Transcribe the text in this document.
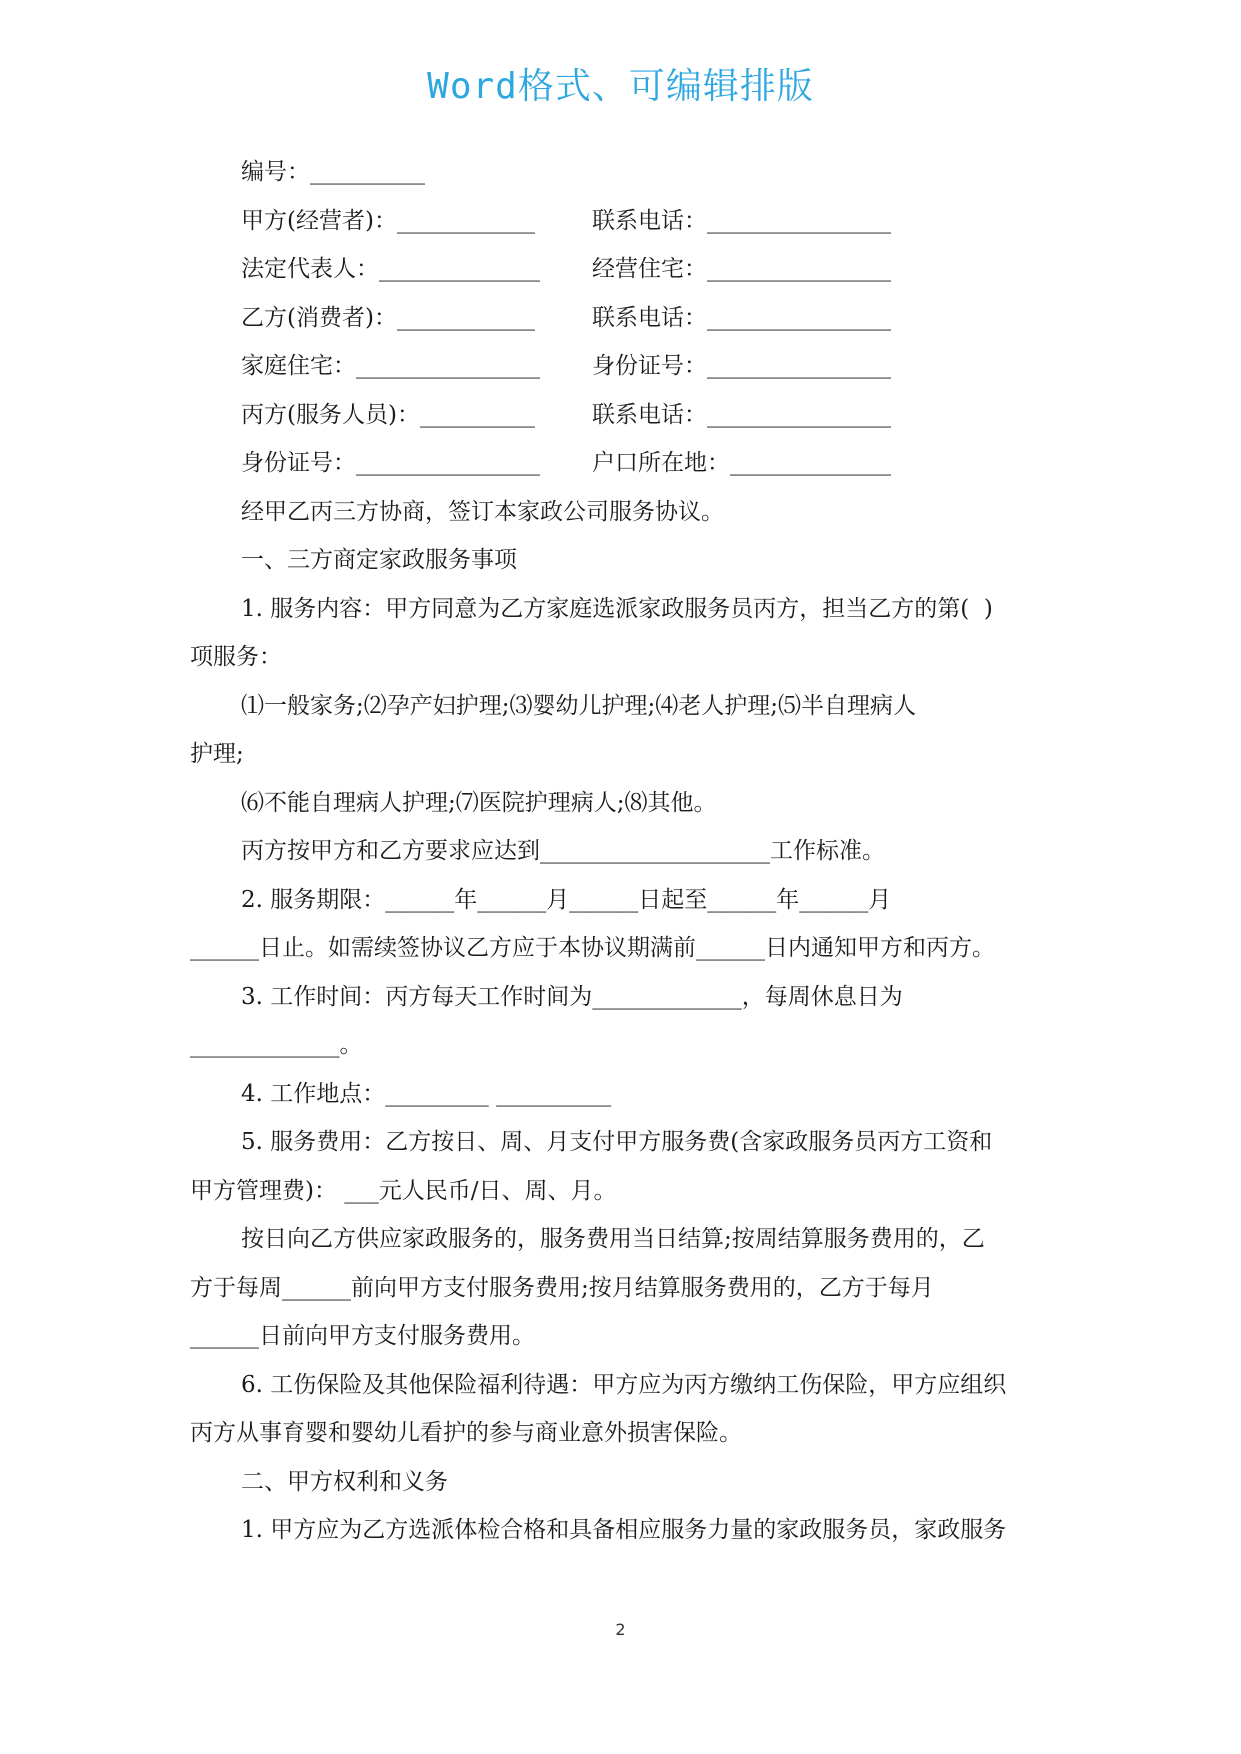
Word格式、可编辑排版
编号：__________
甲方(经营者)：____________	联系电话：________________
法定代表人：______________	经营住宅：________________
乙方(消费者)：____________	联系电话：________________
家庭住宅：________________	身份证号：________________
丙方(服务人员)：__________	联系电话：________________
身份证号：________________	户口所在地：______________
经甲乙丙三方协商，签订本家政公司服务协议。
一、三方商定家政服务事项
1. 服务内容：甲方同意为乙方家庭选派家政服务员丙方，担当乙方的第(  )
项服务：
⑴一般家务;⑵孕产妇护理;⑶婴幼儿护理;⑷老人护理;⑸半自理病人
护理;
⑹不能自理病人护理;⑺医院护理病人;⑻其他。
丙方按甲方和乙方要求应达到____________________工作标准。
2. 服务期限：______年______月______日起至______年______月
______日止。如需续签协议乙方应于本协议期满前______日内通知甲方和丙方。
3. 工作时间：丙方每天工作时间为_____________，每周休息日为
_____________。
4. 工作地点：_________ __________
5. 服务费用：乙方按日、周、月支付甲方服务费(含家政服务员丙方工资和
甲方管理费)： ___元人民币/日、周、月。
按日向乙方供应家政服务的，服务费用当日结算;按周结算服务费用的，乙
方于每周______前向甲方支付服务费用;按月结算服务费用的，乙方于每月
______日前向甲方支付服务费用。
6. 工伤保险及其他保险福利待遇：甲方应为丙方缴纳工伤保险，甲方应组织
丙方从事育婴和婴幼儿看护的参与商业意外损害保险。
二、甲方权利和义务
1. 甲方应为乙方选派体检合格和具备相应服务力量的家政服务员，家政服务
2
